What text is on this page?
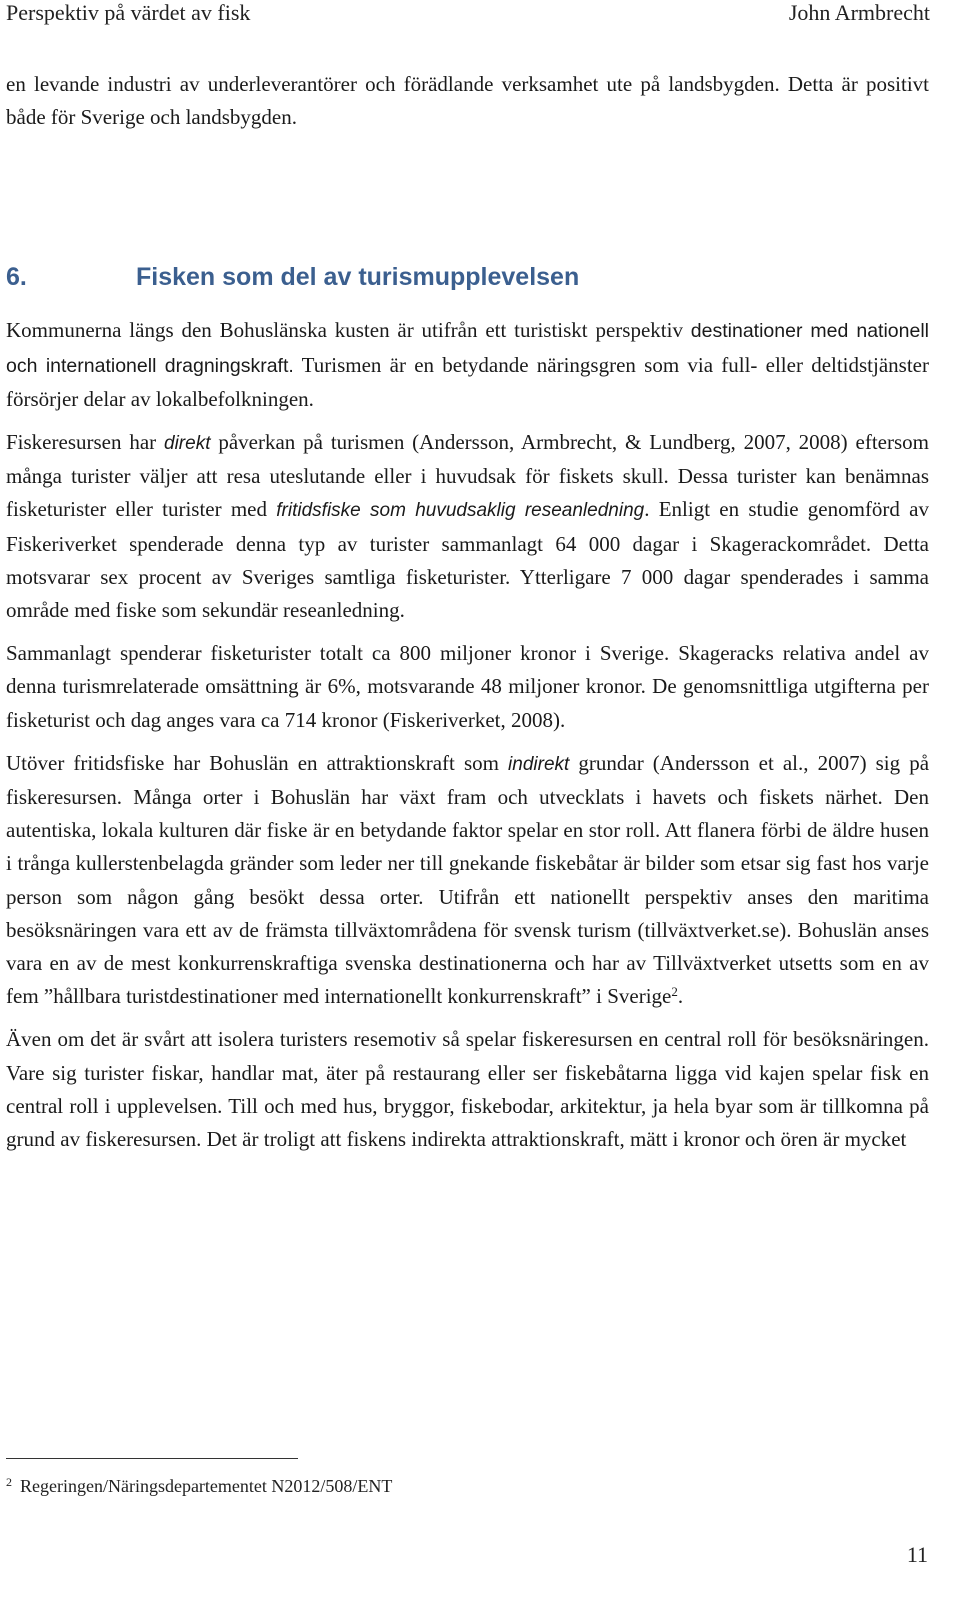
Perspektiv på värdet av fisk	John Armbrecht

en levande industri av underleverantörer och förädlande verksamhet ute på landsbygden. Detta är positivt både för Sverige och landsbygden.

6.	Fisken som del av turismupplevelsen

Kommunerna längs den Bohuslänska kusten är utifrån ett turistiskt perspektiv destinationer med nationell och internationell dragningskraft. Turismen är en betydande näringsgren som via full- eller deltidstjänster försörjer delar av lokalbefolkningen.

Fiskeresursen har direkt påverkan på turismen (Andersson, Armbrecht, & Lundberg, 2007, 2008) eftersom många turister väljer att resa uteslutande eller i huvudsak för fiskets skull. Dessa turister kan benämnas fisketurister eller turister med fritidsfiske som huvudsaklig reseanledning. Enligt en studie genomförd av Fiskeriverket spenderade denna typ av turister sammanlagt 64 000 dagar i Skagerackområdet. Detta motsvarar sex procent av Sveriges samtliga fisketurister. Ytterligare 7 000 dagar spenderades i samma område med fiske som sekundär reseanledning.

Sammanlagt spenderar fisketurister totalt ca 800 miljoner kronor i Sverige. Skageracks relativa andel av denna turismrelaterade omsättning är 6%, motsvarande 48 miljoner kronor. De genomsnittliga utgifterna per fisketurist och dag anges vara ca 714 kronor (Fiskeriverket, 2008).

Utöver fritidsfiske har Bohuslän en attraktionskraft som indirekt grundar (Andersson et al., 2007) sig på fiskeresursen. Många orter i Bohuslän har växt fram och utvecklats i havets och fiskets närhet. Den autentiska, lokala kulturen där fiske är en betydande faktor spelar en stor roll. Att flanera förbi de äldre husen i trånga kullerstenbelagda gränder som leder ner till gnekande fiskebåtar är bilder som etsar sig fast hos varje person som någon gång besökt dessa orter. Utifrån ett nationellt perspektiv anses den maritima besöksnäringen vara ett av de främsta tillväxtområdena för svensk turism (tillväxtverket.se). Bohuslän anses vara en av de mest konkurrenskraftiga svenska destinationerna och har av Tillväxtverket utsetts som en av fem ”hållbara turistdestinationer med internationellt konkurrenskraft” i Sverige$^2$.

Även om det är svårt att isolera turisters resemotiv så spelar fiskeresursen en central roll för besöksnäringen. Vare sig turister fiskar, handlar mat, äter på restaurang eller ser fiskebåtarna ligga vid kajen spelar fisk en central roll i upplevelsen. Till och med hus, bryggor, fiskebodar, arkitektur, ja hela byar som är tillkomna på grund av fiskeresursen. Det är troligt att fiskens indirekta attraktionskraft, mätt i kronor och ören är mycket

$^2$ Regeringen/Näringsdepartementet N2012/508/ENT
11
